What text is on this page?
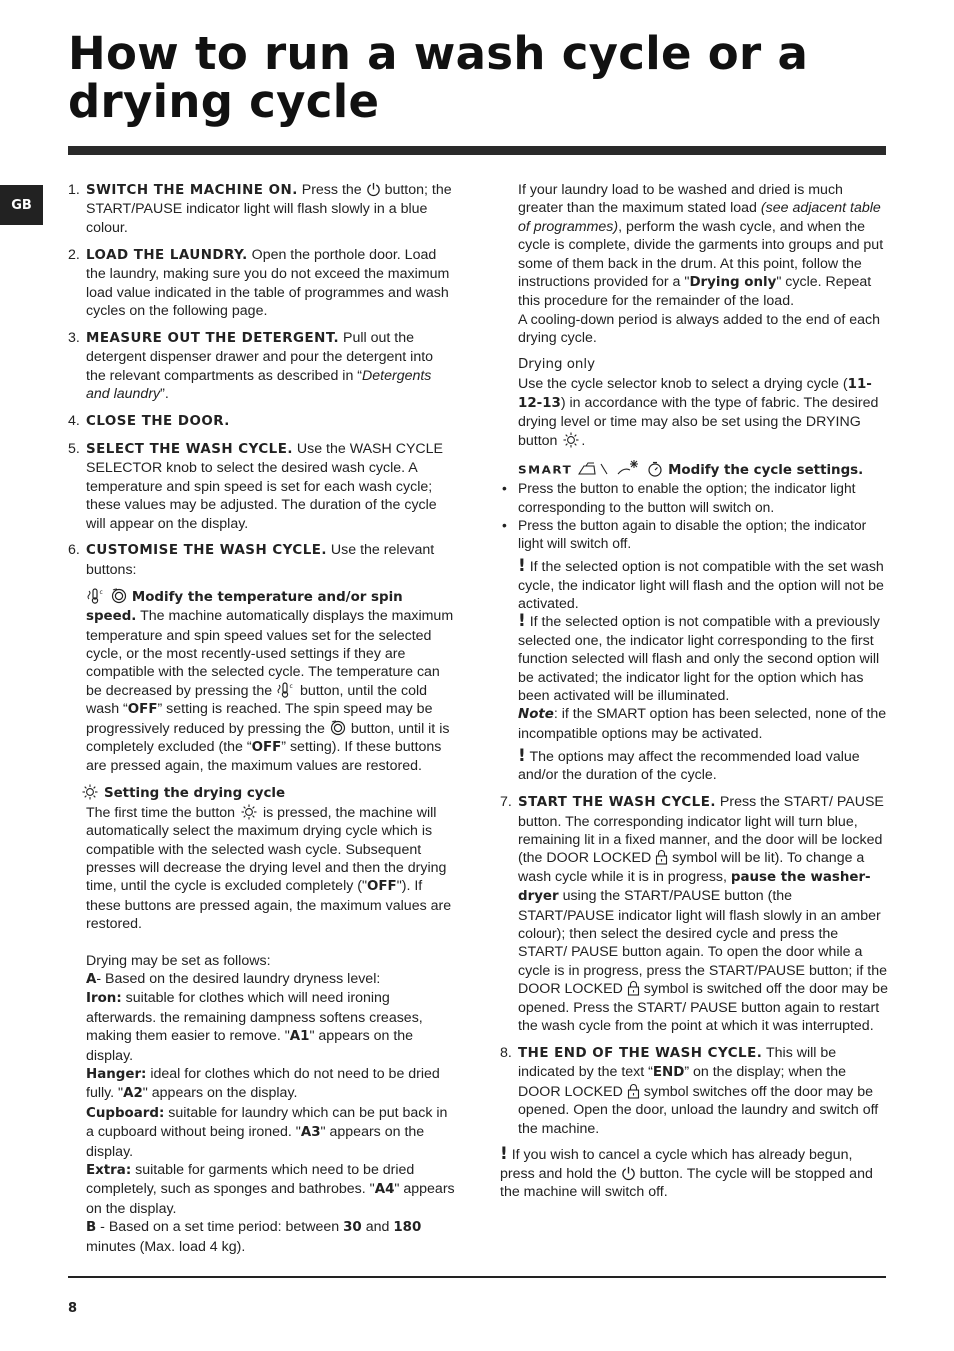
How to run a wash cycle or a drying cycle
GB
1. SWITCH THE MACHINE ON. Press the button; the START/PAUSE indicator light will flash slowly in a blue colour.
2. LOAD THE LAUNDRY. Open the porthole door. Load the laundry, making sure you do not exceed the maximum load value indicated in the table of programmes and wash cycles on the following page.
3. MEASURE OUT THE DETERGENT. Pull out the detergent dispenser drawer and pour the detergent into the relevant compartments as described in “Detergents and laundry”.
4. CLOSE THE DOOR.
5. SELECT THE WASH CYCLE. Use the WASH CYCLE SELECTOR knob to select the desired wash cycle. A temperature and spin speed is set for each wash cycle; these values may be adjusted. The duration of the cycle will appear on the display.
6. CUSTOMISE THE WASH CYCLE. Use the relevant buttons:
c Modify the temperature and/or spin speed. The machine automatically displays the maximum temperature and spin speed values set for the selected cycle, or the most recently-used settings if they are compatible with the selected cycle. The temperature can be decreased by pressing the	c button, until the cold wash “OFF” setting is reached. The spin speed may be progressively reduced by pressing the button, until it is completely excluded (the “OFF” setting). If these buttons are pressed again, the maximum values are restored.
Setting the drying cycle
The first time the button is pressed, the machine will automatically select the maximum drying cycle which is compatible with the selected wash cycle. Subsequent presses will decrease the drying level and then the drying time, until the cycle is excluded completely ("OFF"). If these buttons are pressed again, the maximum values are restored.

Drying may be set as follows:

A- Based on the desired laundry dryness level:

Iron: suitable for clothes which will need ironing afterwards. the remaining dampness softens creases, making them easier to remove. "A1" appears on the display.

Hanger: ideal for clothes which do not need to be dried fully. "A2" appears on the display.

Cupboard: suitable for laundry which can be put back in a cupboard without being ironed. "A3" appears on the display.

Extra: suitable for garments which need to be dried completely, such as sponges and bathrobes. "A4" appears on the display.

B - Based on a set time period: between 30 and 180 minutes (Max. load 4 kg).

If your laundry load to be washed and dried is much greater than the maximum stated load (see adjacent table of programmes), perform the wash cycle, and when the cycle is complete, divide the garments into groups and put some of them back in the drum. At this point, follow the instructions provided for a "Drying only" cycle. Repeat this procedure for the remainder of the load.

A cooling-down period is always added to the end of each drying cycle.

Drying only

Use the cycle selector knob to select a drying cycle (11-12-13) in accordance with the type of fabric. The desired drying level or time may also be set using the DRYING button .
SMART	Modify the cycle settings.
• Press the button to enable the option; the indicator light corresponding to the button will switch on.
• Press the button again to disable the option; the indicator light will switch off.
! If the selected option is not compatible with the set wash cycle, the indicator light will flash and the option will not be activated.
! If the selected option is not compatible with a previously selected one, the indicator light corresponding to the first function selected will flash and only the second option will be activated; the indicator light for the option which has been activated will be illuminated.
Note: if the SMART option has been selected, none of the incompatible options may be activated.
! The options may affect the recommended load value and/or the duration of the cycle.
7. START THE WASH CYCLE. Press the START/ PAUSE button. The corresponding indicator light will turn blue, remaining lit in a fixed manner, and the door will be locked (the DOOR LOCKED symbol will be lit). To change a wash cycle while it is in progress, pause the washer-dryer using the START/PAUSE button (the START/PAUSE indicator light will flash slowly in an amber colour); then select the desired cycle and press the START/ PAUSE button again. To open the door while a cycle is in progress, press the START/PAUSE button; if the DOOR LOCKED symbol is switched off the door may be opened. Press the START/ PAUSE button again to restart the wash cycle from the point at which it was interrupted.
8. THE END OF THE WASH CYCLE. This will be indicated by the text “END” on the display; when the DOOR LOCKED symbol switches off the door may be opened. Open the door, unload the laundry and switch off the machine.
! If you wish to cancel a cycle which has already begun, press and hold the button. The cycle will be stopped and the machine will switch off.
8
